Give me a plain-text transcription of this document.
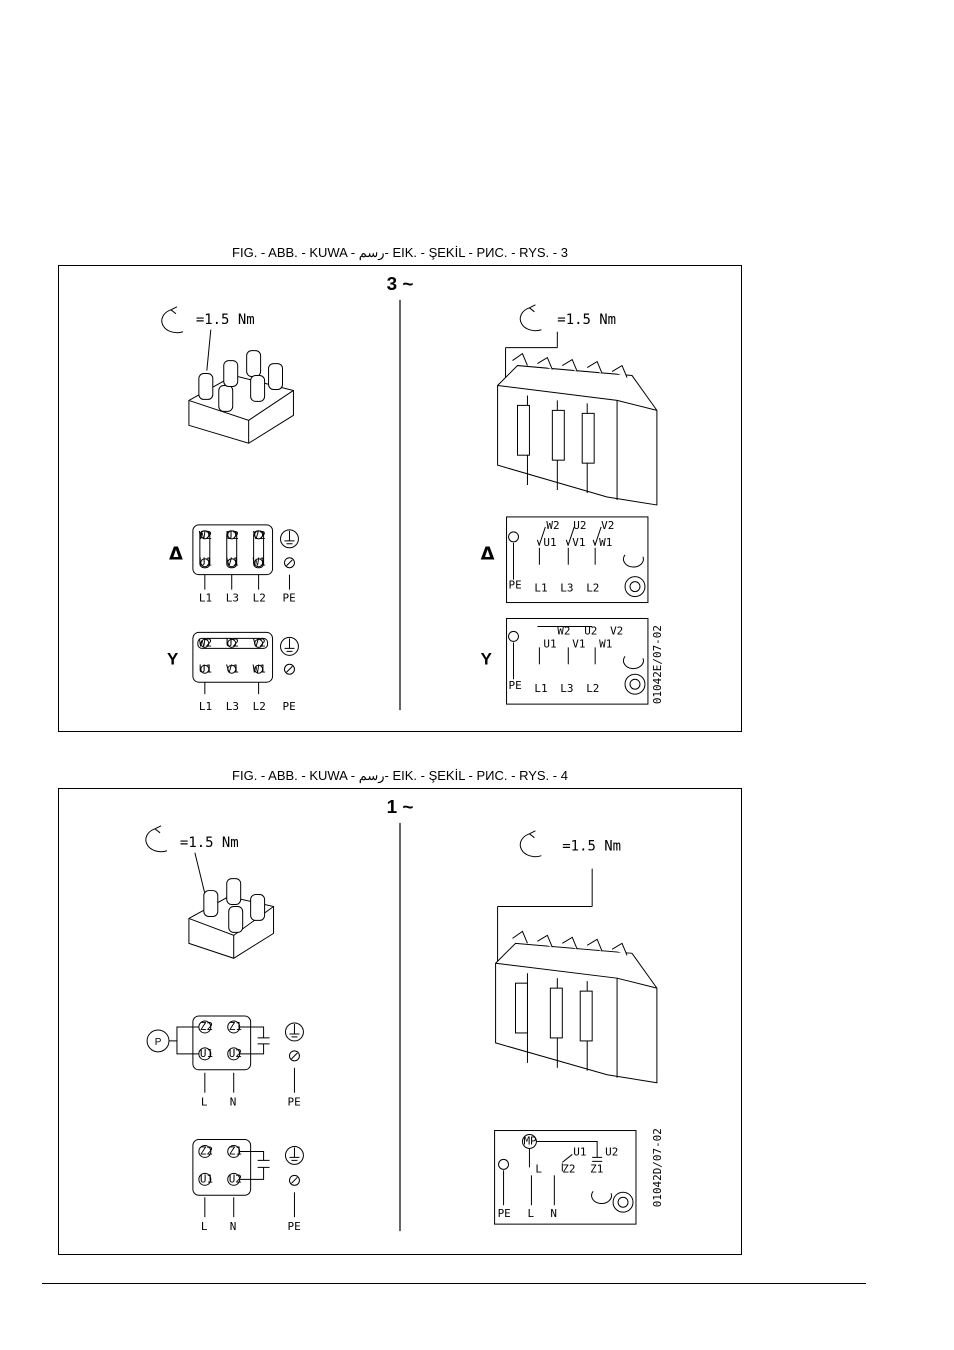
FIG. - ABB. - KUWA - رسم- EIK. - ŞEKİL - РИС. - RYS. - 3
3 ~
=1.5 Nm	=1.5 Nm
Δ
Y
Δ
Y
W2 U2 V2
U1 V1 W1
L1 L3 L2 PE
W2 U2 V2
U1 V1 W1
L1 L3 L2 PE
W2 U2 V2
U1 V1 W1
PE L1 L3 L2
W2 U2 V2
U1 V1 W1
PE L1 L3 L2	01042E/07-02
FIG. - ABB. - KUWA - رسم- EIK. - ŞEKİL - РИС. - RYS. - 4
1 ~
=1.5 Nm	=1.5 Nm
P
Z2 Z1
U1 U2
L N	PE
Z2 Z1
U1 U2
L N	PE
MP
U1 U2
Z2 Z1
L
PE L N
01042D/07-02
